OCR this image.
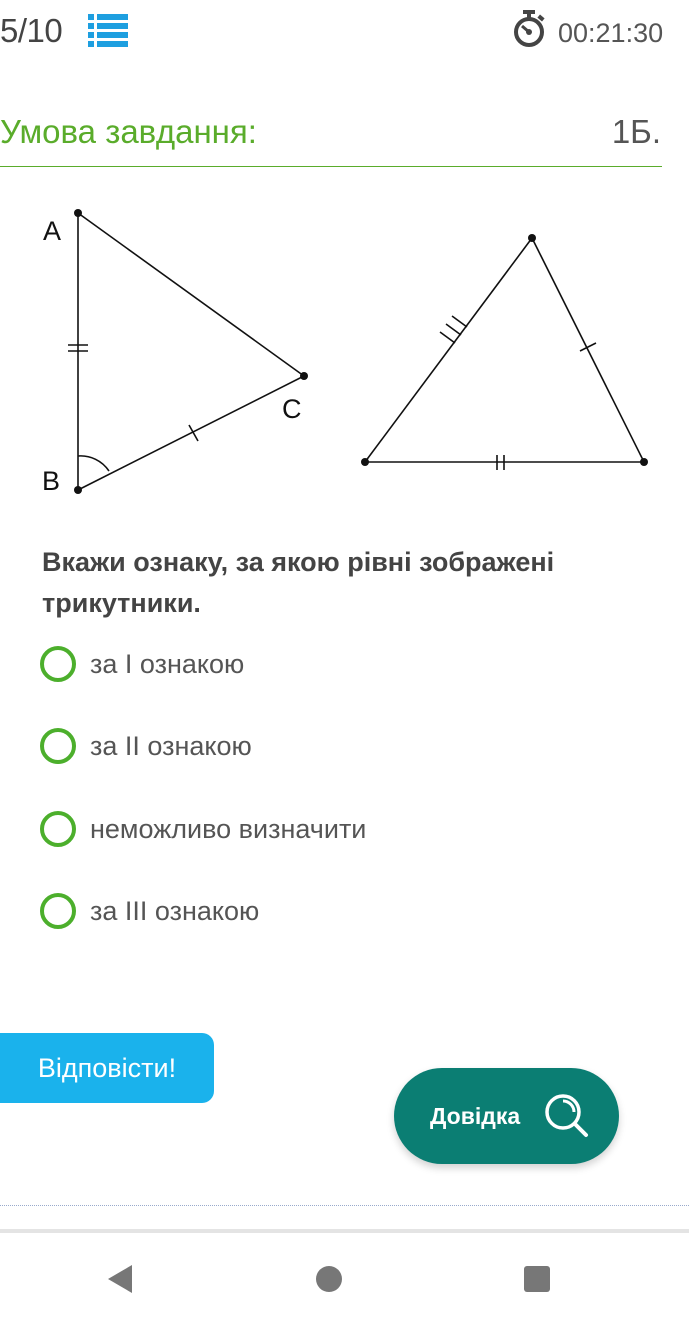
5/10	00:21:30
Умова завдання:	1Б.
A
B
C
Вкажи ознаку, за якою рівні зображені трикутники.
за I ознакою
за II ознакою
неможливо визначити
за III ознакою
Відповісти!
Довідка
